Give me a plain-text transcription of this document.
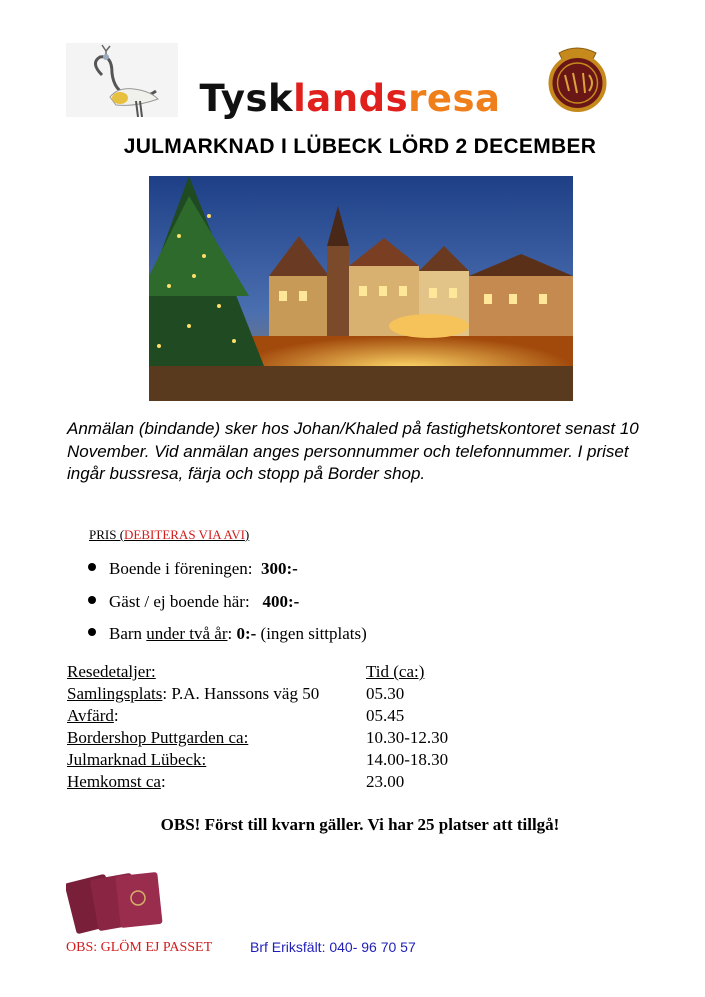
Tysklandsresa
JULMARKNAD I LÜBECK LÖRD 2 DECEMBER
Anmälan (bindande) sker hos Johan/Khaled på fastighetskontoret senast 10 November. Vid anmälan anges personnummer och telefonnummer. I priset ingår bussresa, färja och stopp på Border shop.
PRIS (DEBITERAS VIA AVI)
Boende i föreningen: 300:-
Gäst / ej boende här: 400:-
Barn under två år: 0:- (ingen sittplats)
Resedetaljer:	Tid (ca:)
Samlingsplats: P.A. Hanssons väg 50	05.30
Avfärd:	05.45
Bordershop Puttgarden ca:	10.30-12.30
Julmarknad Lübeck:	14.00-18.30
Hemkomst ca:	23.00
OBS! Först till kvarn gäller. Vi har 25 platser att tillgå!
OBS: GLÖM EJ PASSET	Brf Eriksfält: 040- 96 70 57
